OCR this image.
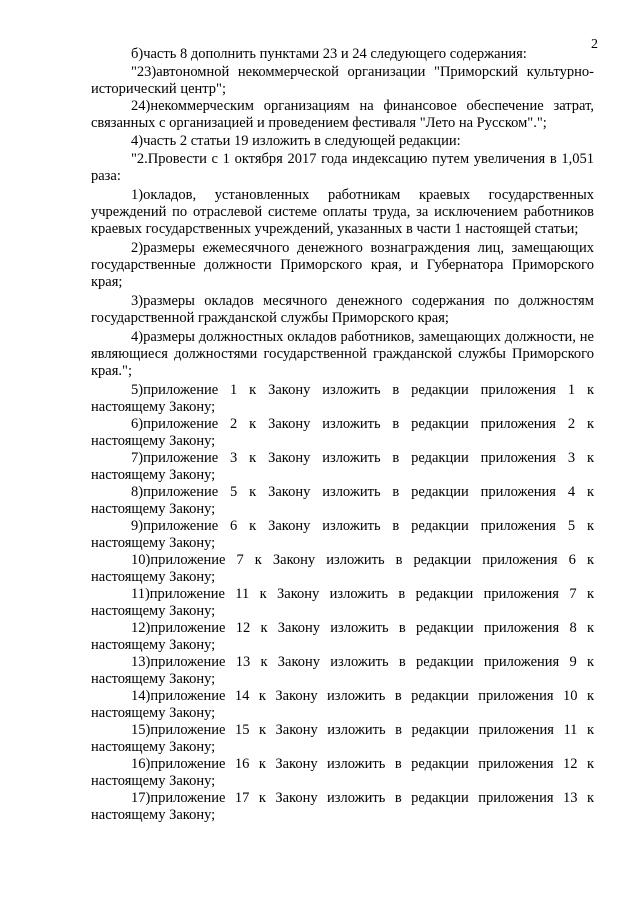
2

б)часть 8 дополнить пунктами 23 и 24 следующего содержания:

"23)автономной некоммерческой организации "Приморский культурно-исторический центр";

24)некоммерческим организациям на финансовое обеспечение затрат, связанных с организацией и проведением фестиваля "Лето на Русском".";

4)часть 2 статьи 19 изложить в следующей редакции:

"2.Провести с 1 октября 2017 года индексацию путем увеличения в 1,051 раза:

1)окладов, установленных работникам краевых государственных учреждений по отраслевой системе оплаты труда, за исключением работников краевых государственных учреждений, указанных в части 1 настоящей статьи;

2)размеры ежемесячного денежного вознаграждения лиц, замещающих государственные должности Приморского края, и Губернатора Приморского края;

3)размеры окладов месячного денежного содержания по должностям государственной гражданской службы Приморского края;

4)размеры должностных окладов работников, замещающих должности, не являющиеся должностями государственной гражданской службы Приморского края.";

5)приложение 1 к Закону изложить в редакции приложения 1 к настоящему Закону;

6)приложение 2 к Закону изложить в редакции приложения 2 к настоящему Закону;

7)приложение 3 к Закону изложить в редакции приложения 3 к настоящему Закону;

8)приложение 5 к Закону изложить в редакции приложения 4 к настоящему Закону;

9)приложение 6 к Закону изложить в редакции приложения 5 к настоящему Закону;

10)приложение 7 к Закону изложить в редакции приложения 6 к настоящему Закону;

11)приложение 11 к Закону изложить в редакции приложения 7 к настоящему Закону;

12)приложение 12 к Закону изложить в редакции приложения 8 к настоящему Закону;

13)приложение 13 к Закону изложить в редакции приложения 9 к настоящему Закону;

14)приложение 14 к Закону изложить в редакции приложения 10 к настоящему Закону;

15)приложение 15 к Закону изложить в редакции приложения 11 к настоящему Закону;

16)приложение 16 к Закону изложить в редакции приложения 12 к настоящему Закону;

17)приложение 17 к Закону изложить в редакции приложения 13 к настоящему Закону;
